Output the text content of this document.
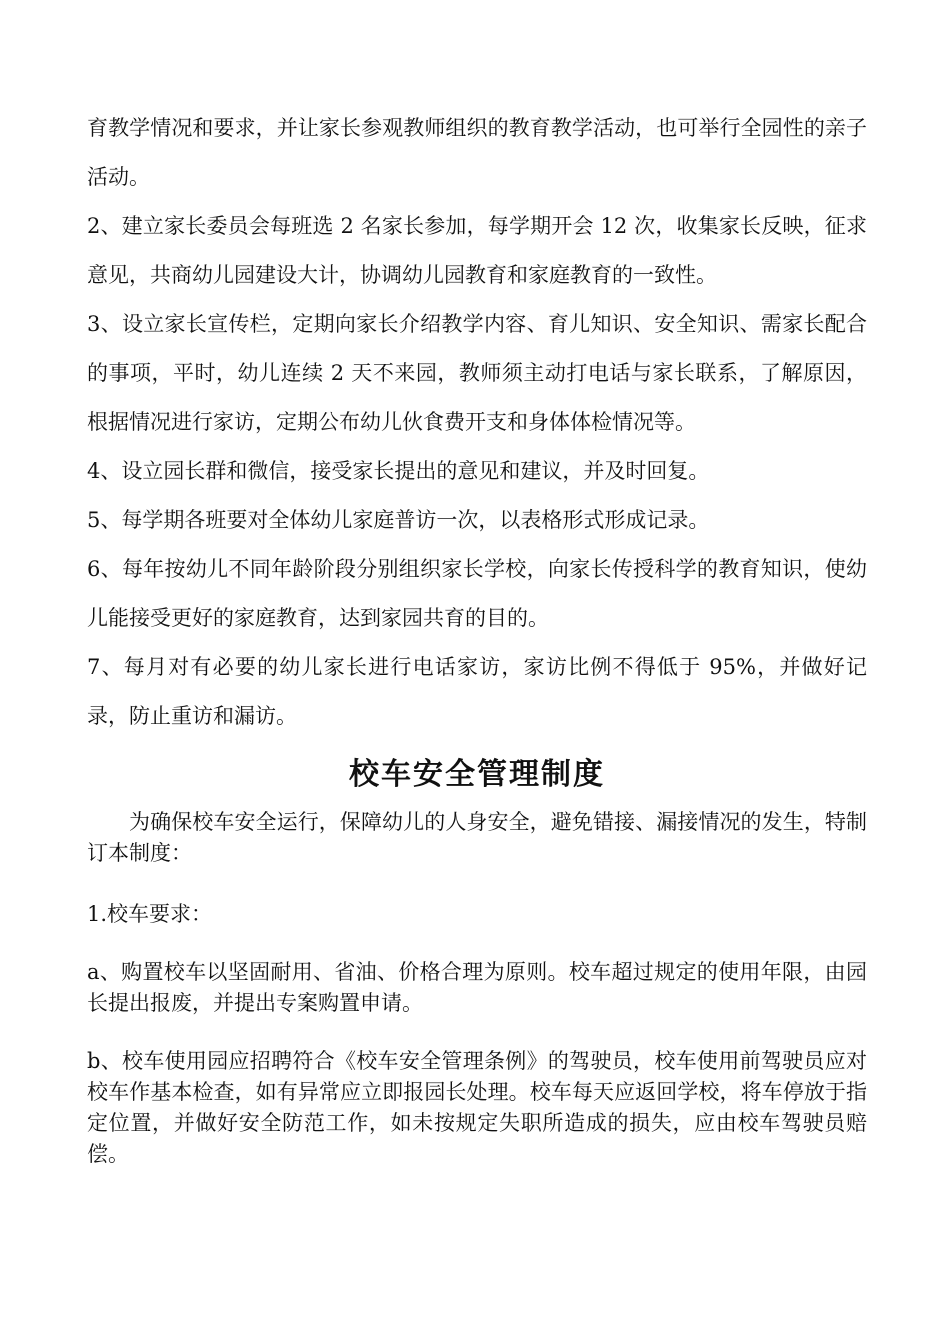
育教学情况和要求，并让家长参观教师组织的教育教学活动，也可举行全园性的亲子活动。

2、建立家长委员会每班选 2 名家长参加，每学期开会 12 次，收集家长反映，征求意见，共商幼儿园建设大计，协调幼儿园教育和家庭教育的一致性。

3、设立家长宣传栏，定期向家长介绍教学内容、育儿知识、安全知识、需家长配合的事项，平时，幼儿连续 2 天不来园，教师须主动打电话与家长联系，了解原因，根据情况进行家访，定期公布幼儿伙食费开支和身体体检情况等。

4、设立园长群和微信，接受家长提出的意见和建议，并及时回复。

5、每学期各班要对全体幼儿家庭普访一次，以表格形式形成记录。

6、每年按幼儿不同年龄阶段分别组织家长学校，向家长传授科学的教育知识，使幼儿能接受更好的家庭教育，达到家园共育的目的。

7、每月对有必要的幼儿家长进行电话家访，家访比例不得低于 95%，并做好记录，防止重访和漏访。

校车安全管理制度

为确保校车安全运行，保障幼儿的人身安全，避免错接、漏接情况的发生，特制订本制度：

1.校车要求：

a、购置校车以坚固耐用、省油、价格合理为原则。校车超过规定的使用年限，由园长提出报废，并提出专案购置申请。

b、校车使用园应招聘符合《校车安全管理条例》的驾驶员，校车使用前驾驶员应对校车作基本检查，如有异常应立即报园长处理。校车每天应返回学校，将车停放于指定位置，并做好安全防范工作，如未按规定失职所造成的损失，应由校车驾驶员赔偿。
